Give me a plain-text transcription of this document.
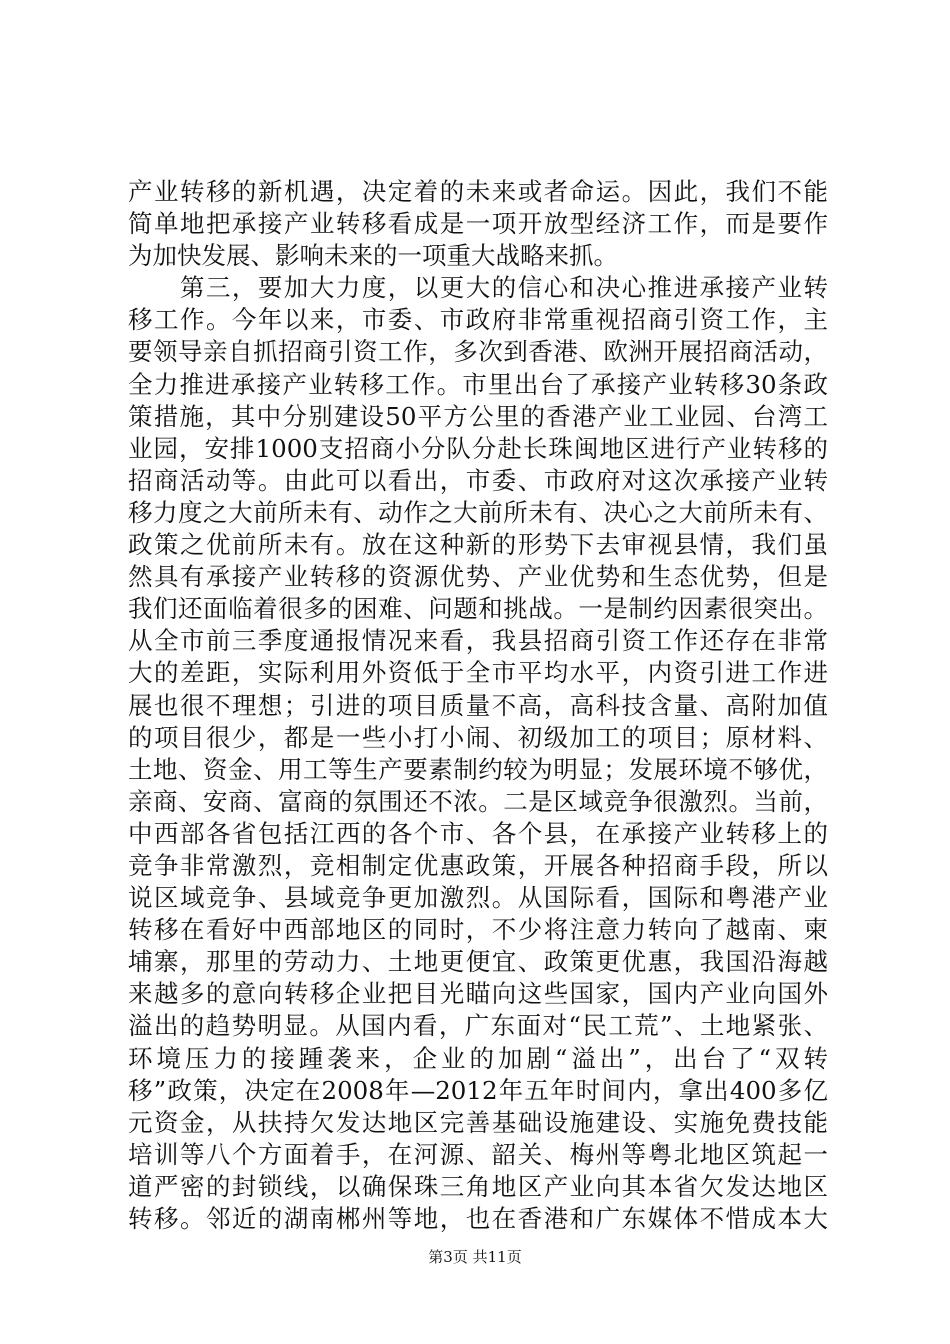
产业转移的新机遇，决定着的未来或者命运。因此，我们不能
简单地把承接产业转移看成是一项开放型经济工作，而是要作
为加快发展、影响未来的一项重大战略来抓。
　　第三，要加大力度，以更大的信心和决心推进承接产业转
移工作。今年以来，市委、市政府非常重视招商引资工作，主
要领导亲自抓招商引资工作，多次到香港、欧洲开展招商活动，
全力推进承接产业转移工作。市里出台了承接产业转移30条政
策措施，其中分别建设50平方公里的香港产业工业园、台湾工
业园，安排1000支招商小分队分赴长珠闽地区进行产业转移的
招商活动等。由此可以看出，市委、市政府对这次承接产业转
移力度之大前所未有、动作之大前所未有、决心之大前所未有、
政策之优前所未有。放在这种新的形势下去审视县情，我们虽
然具有承接产业转移的资源优势、产业优势和生态优势，但是
我们还面临着很多的困难、问题和挑战。一是制约因素很突出。
从全市前三季度通报情况来看，我县招商引资工作还存在非常
大的差距，实际利用外资低于全市平均水平，内资引进工作进
展也很不理想；引进的项目质量不高，高科技含量、高附加值
的项目很少，都是一些小打小闹、初级加工的项目；原材料、
土地、资金、用工等生产要素制约较为明显；发展环境不够优，
亲商、安商、富商的氛围还不浓。二是区域竞争很激烈。当前，
中西部各省包括江西的各个市、各个县，在承接产业转移上的
竞争非常激烈，竞相制定优惠政策，开展各种招商手段，所以
说区域竞争、县域竞争更加激烈。从国际看，国际和粤港产业
转移在看好中西部地区的同时，不少将注意力转向了越南、柬
埔寨，那里的劳动力、土地更便宜、政策更优惠，我国沿海越
来越多的意向转移企业把目光瞄向这些国家，国内产业向国外
溢出的趋势明显。从国内看，广东面对“民工荒”、土地紧张、
环境压力的接踵袭来，企业的加剧“溢出”，出台了“双转
移”政策，决定在2008年—2012年五年时间内，拿出400多亿
元资金，从扶持欠发达地区完善基础设施建设、实施免费技能
培训等八个方面着手，在河源、韶关、梅州等粤北地区筑起一
道严密的封锁线，以确保珠三角地区产业向其本省欠发达地区
转移。邻近的湖南郴州等地，也在香港和广东媒体不惜成本大
第3页 共11页
